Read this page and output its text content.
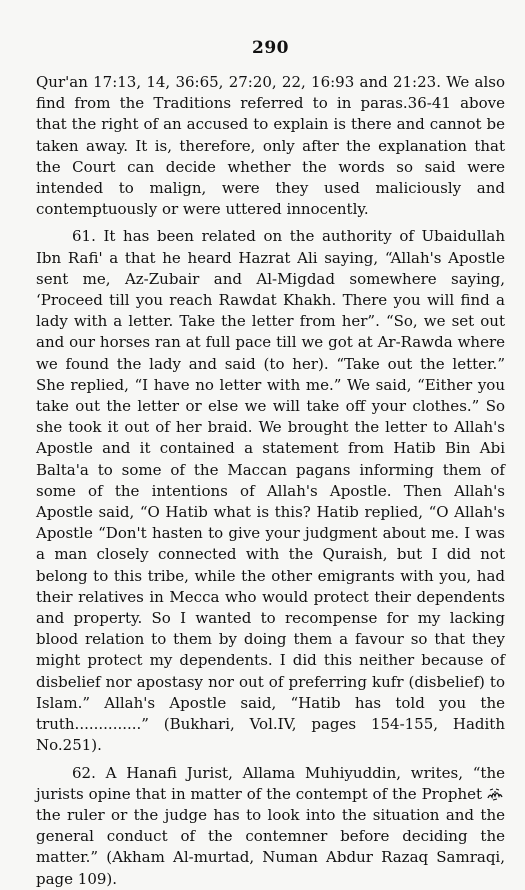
290

Qur'an 17:13, 14, 36:65, 27:20, 22, 16:93 and 21:23. We also find from the Traditions referred to in paras.36-41 above that the right of an accused to explain is there and cannot be taken away. It is, therefore, only after the explanation that the Court can decide whether the words so said were intended to malign, were they used maliciously and contemptuously or were uttered innocently.

61. It has been related on the authority of Ubaidullah Ibn Rafi' a that he heard Hazrat Ali saying, “Allah's Apostle sent me, Az-Zubair and Al-Migdad somewhere saying, ‘Proceed till you reach Rawdat Khakh. There you will find a lady with a letter. Take the letter from her”. “So, we set out and our horses ran at full pace till we got at Ar-Rawda where we found the lady and said (to her). “Take out the letter.” She replied, “I have no letter with me.” We said, “Either you take out the letter or else we will take off your clothes.” So she took it out of her braid. We brought the letter to Allah's Apostle and it contained a statement from Hatib Bin Abi Balta'a to some of the Maccan pagans informing them of some of the intentions of Allah's Apostle. Then Allah's Apostle said, “O Hatib what is this? Hatib replied, “O Allah's Apostle “Don't hasten to give your judgment about me. I was a man closely connected with the Quraish, but I did not belong to this tribe, while the other emigrants with you, had their relatives in Mecca who would protect their dependents and property. So I wanted to recompense for my lacking blood relation to them by doing them a favour so that they might protect my dependents. I did this neither because of disbelief nor apostasy nor out of preferring kufr (disbelief) to Islam.” Allah's Apostle said, “Hatib has told you the truth..............” (Bukhari, Vol.IV, pages 154-155, Hadith No.251).

62. A Hanafi Jurist, Allama Muhiyuddin, writes, “the jurists opine that in matter of the contempt of the Prophet
the ruler or the judge has to look into the situation and the general conduct of the contemner before deciding the matter.” (Akham Al-murtad, Numan Abdur Razaq Samraqi, page 109).
